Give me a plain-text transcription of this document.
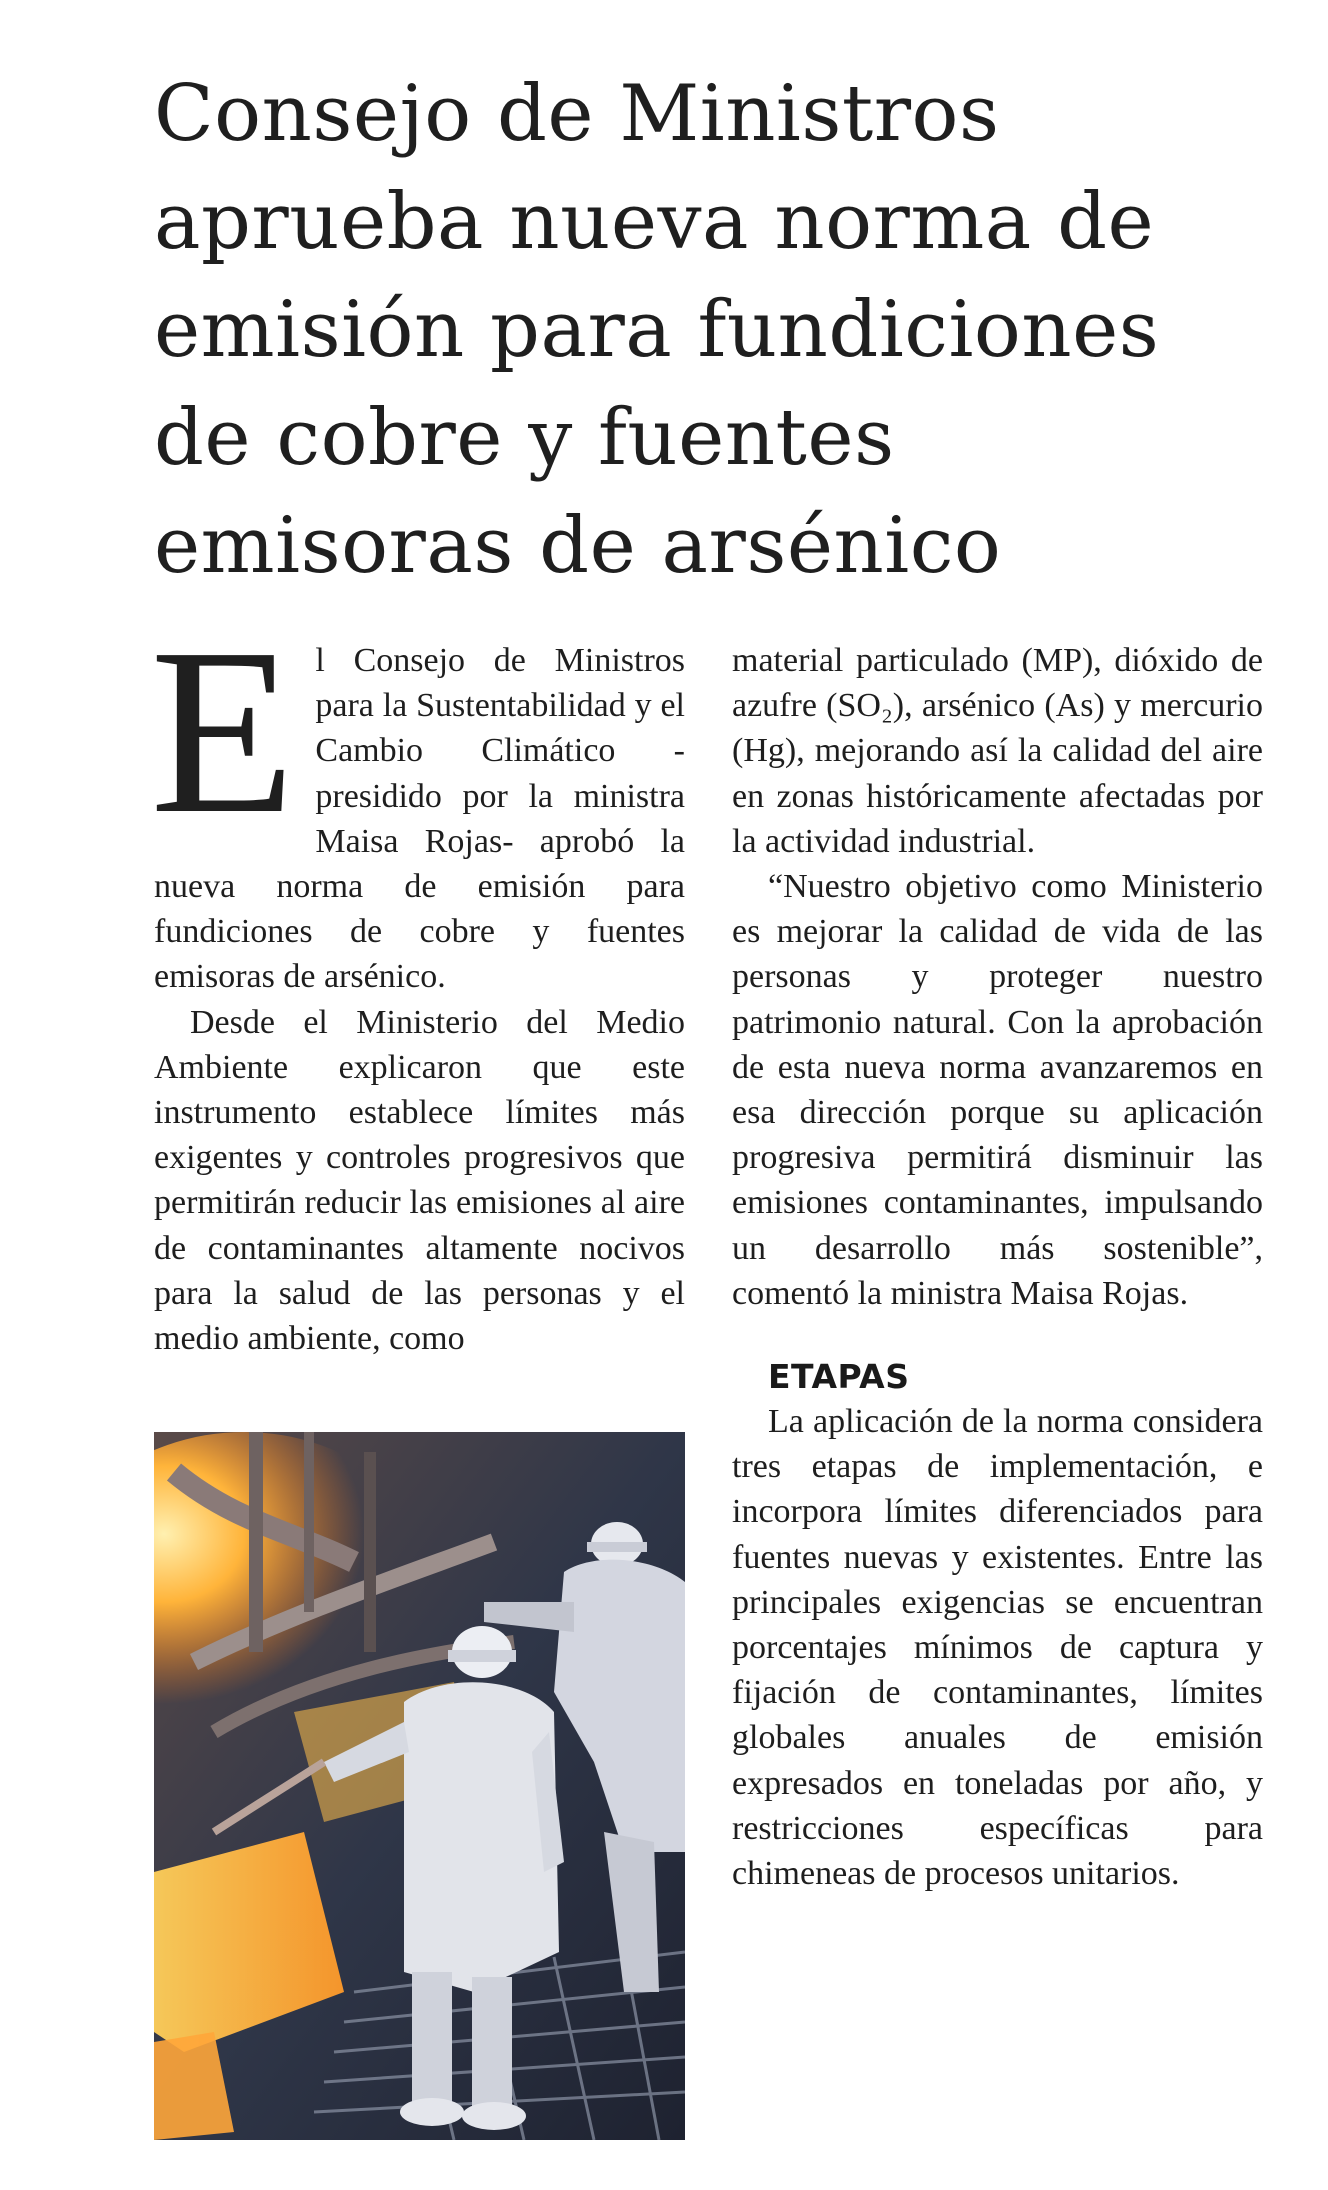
Consejo de Ministros aprueba nueva norma de emisión para fundiciones de cobre y fuentes emisoras de arsénico

El Consejo de Ministros para la Sustentabilidad y el Cambio Climático -presidido por la ministra Maisa Rojas- aprobó la nueva norma de emisión para fundiciones de cobre y fuentes emisoras de arsénico.

Desde el Ministerio del Medio Ambiente explicaron que este instrumento establece límites más exigentes y controles progresivos que permitirán reducir las emisiones al aire de contaminantes altamente nocivos para la salud de las personas y el medio ambiente, como

material particulado (MP), dióxido de azufre (SO₂), arsénico (As) y mercurio (Hg), mejorando así la calidad del aire en zonas históricamente afectadas por la actividad industrial.

“Nuestro objetivo como Ministerio es mejorar la calidad de vida de las personas y proteger nuestro patrimonio natural. Con la aprobación de esta nueva norma avanzaremos en esa dirección porque su aplicación progresiva permitirá disminuir las emisiones contaminantes, impulsando un desarrollo más sostenible”, comentó la ministra Maisa Rojas.

ETAPAS

La aplicación de la norma considera tres etapas de implementación, e incorpora límites diferenciados para fuentes nuevas y existentes. Entre las principales exigencias se encuentran porcentajes mínimos de captura y fijación de contaminantes, límites globales anuales de emisión expresados en toneladas por año, y restricciones específicas para chimeneas de procesos unitarios.
